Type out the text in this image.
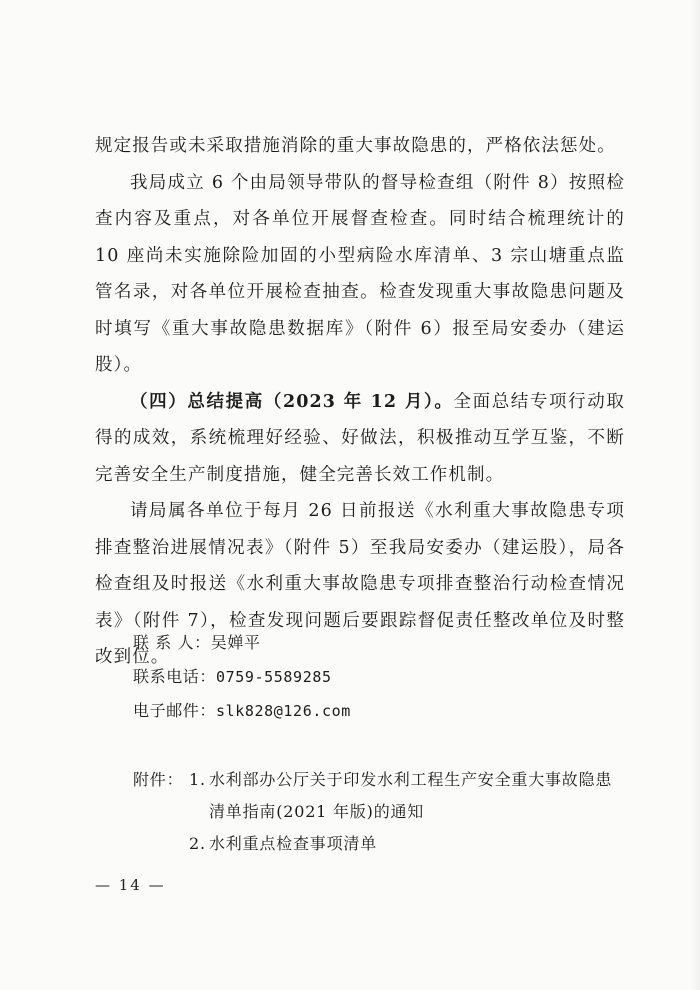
规定报告或未采取措施消除的重大事故隐患的，严格依法惩处。

我局成立 6 个由局领导带队的督导检查组（附件 8）按照检查内容及重点，对各单位开展督查检查。同时结合梳理统计的 10 座尚未实施除险加固的小型病险水库清单、3 宗山塘重点监管名录，对各单位开展检查抽查。检查发现重大事故隐患问题及时填写《重大事故隐患数据库》（附件 6）报至局安委办（建运股）。

（四）总结提高（2023 年 12 月）。全面总结专项行动取得的成效，系统梳理好经验、好做法，积极推动互学互鉴，不断完善安全生产制度措施，健全完善长效工作机制。

请局属各单位于每月 26 日前报送《水利重大事故隐患专项排查整治进展情况表》（附件 5）至我局安委办（建运股），局各检查组及时报送《水利重大事故隐患专项排查整治行动检查情况表》（附件 7），检查发现问题后要跟踪督促责任整改单位及时整改到位。

联 系 人：吴婵平
联系电话：0759-5589285
电子邮件：slk828@126.com
附件： 1. 水利部办公厅关于印发水利工程生产安全重大事故隐患清单指南(2021 年版)的通知
2. 水利重点检查事项清单
— 14 —
